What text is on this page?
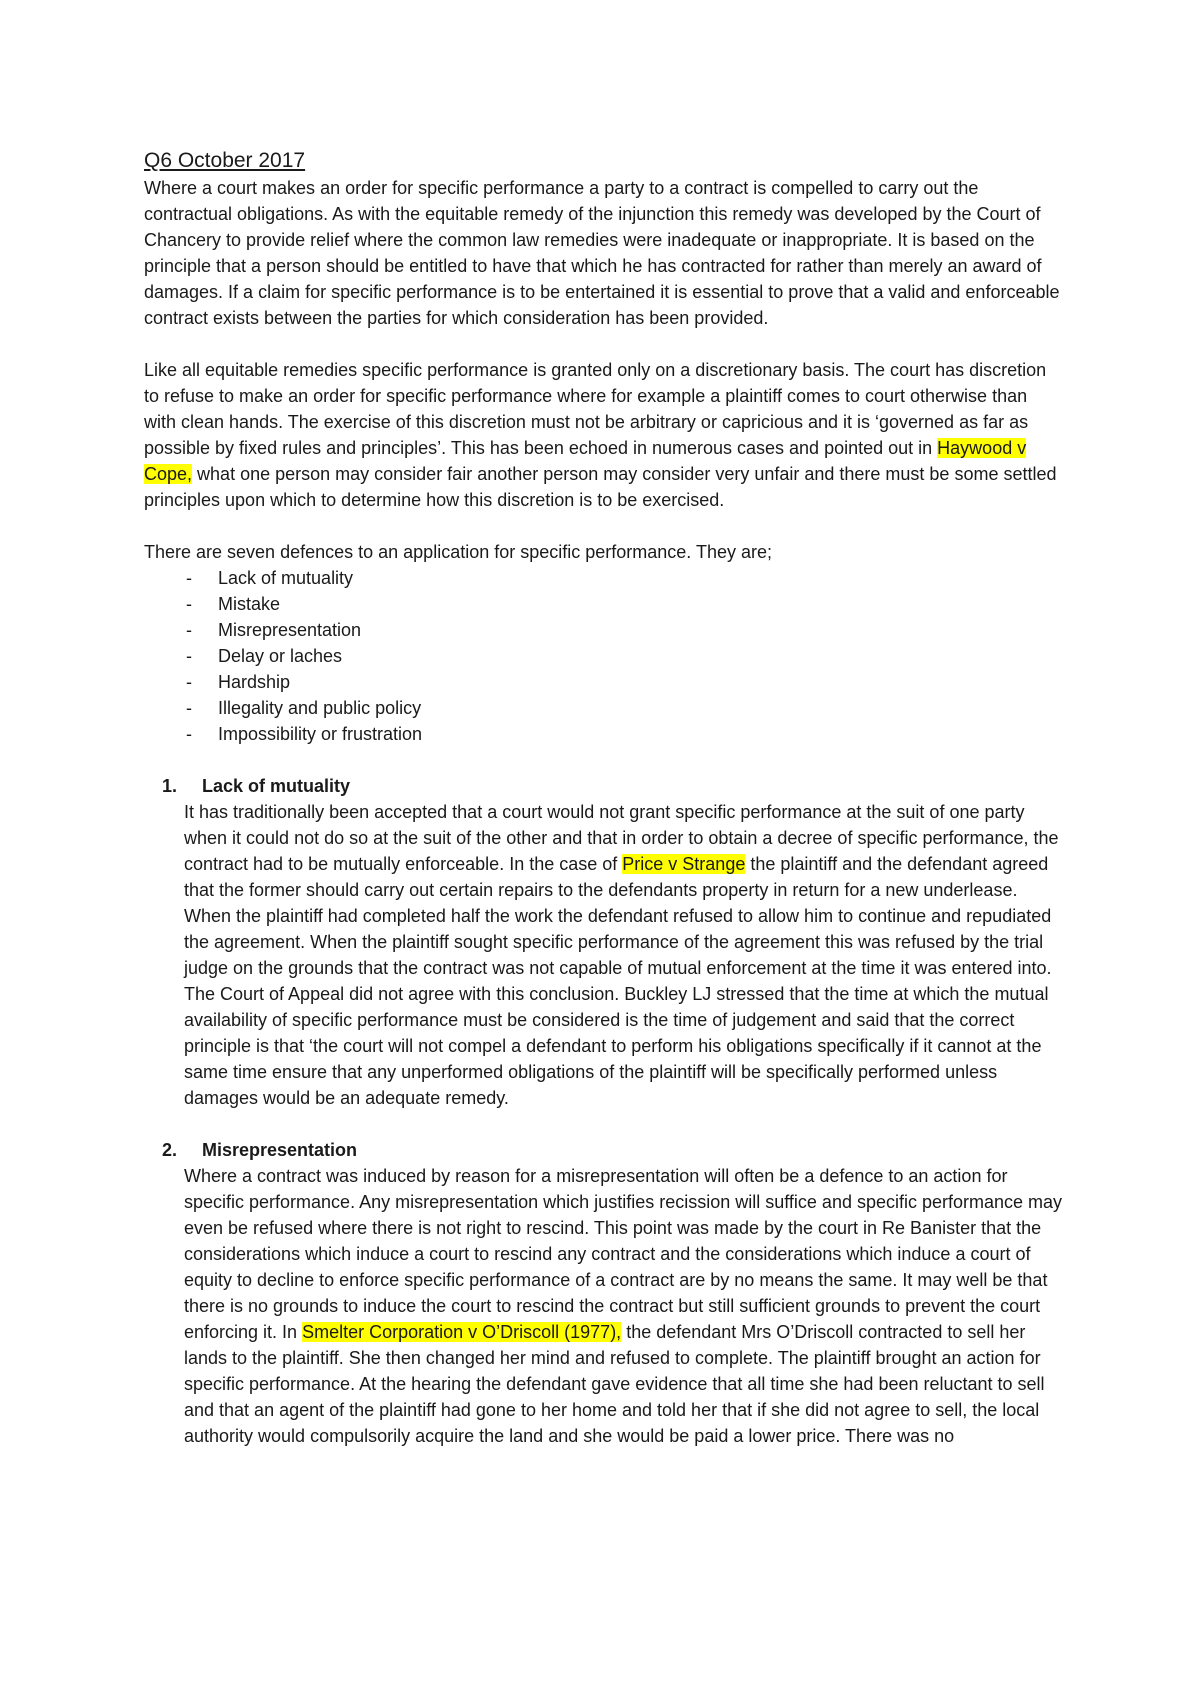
Q6 October 2017

Where a court makes an order for specific performance a party to a contract is compelled to carry out the contractual obligations. As with the equitable remedy of the injunction this remedy was developed by the Court of Chancery to provide relief where the common law remedies were inadequate or inappropriate. It is based on the principle that a person should be entitled to have that which he has contracted for rather than merely an award of damages. If a claim for specific performance is to be entertained it is essential to prove that a valid and enforceable contract exists between the parties for which consideration has been provided.

Like all equitable remedies specific performance is granted only on a discretionary basis. The court has discretion to refuse to make an order for specific performance where for example a plaintiff comes to court otherwise than with clean hands. The exercise of this discretion must not be arbitrary or capricious and it is ‘governed as far as possible by fixed rules and principles’. This has been echoed in numerous cases and pointed out in Haywood v Cope, what one person may consider fair another person may consider very unfair and there must be some settled principles upon which to determine how this discretion is to be exercised.

There are seven defences to an application for specific performance. They are;

- Lack of mutuality
- Mistake
- Misrepresentation
- Delay or laches
- Hardship
- Illegality and public policy
- Impossibility or frustration
1.	Lack of mutuality

It has traditionally been accepted that a court would not grant specific performance at the suit of one party when it could not do so at the suit of the other and that in order to obtain a decree of specific performance, the contract had to be mutually enforceable. In the case of Price v Strange the plaintiff and the defendant agreed that the former should carry out certain repairs to the defendants property in return for a new underlease. When the plaintiff had completed half the work the defendant refused to allow him to continue and repudiated the agreement. When the plaintiff sought specific performance of the agreement this was refused by the trial judge on the grounds that the contract was not capable of mutual enforcement at the time it was entered into.

The Court of Appeal did not agree with this conclusion. Buckley LJ stressed that the time at which the mutual availability of specific performance must be considered is the time of judgement and said that the correct principle is that ‘the court will not compel a defendant to perform his obligations specifically if it cannot at the same time ensure that any unperformed obligations of the plaintiff will be specifically performed unless damages would be an adequate remedy.

2.	Misrepresentation

Where a contract was induced by reason for a misrepresentation will often be a defence to an action for specific performance. Any misrepresentation which justifies recission will suffice and specific performance may even be refused where there is not right to rescind. This point was made by the court in Re Banister that the considerations which induce a court to rescind any contract and the considerations which induce a court of equity to decline to enforce specific performance of a contract are by no means the same. It may well be that there is no grounds to induce the court to rescind the contract but still sufficient grounds to prevent the court enforcing it. In Smelter Corporation v O’Driscoll (1977), the defendant Mrs O’Driscoll contracted to sell her lands to the plaintiff. She then changed her mind and refused to complete. The plaintiff brought an action for specific performance. At the hearing the defendant gave evidence that all time she had been reluctant to sell and that an agent of the plaintiff had gone to her home and told her that if she did not agree to sell, the local authority would compulsorily acquire the land and she would be paid a lower price. There was no
